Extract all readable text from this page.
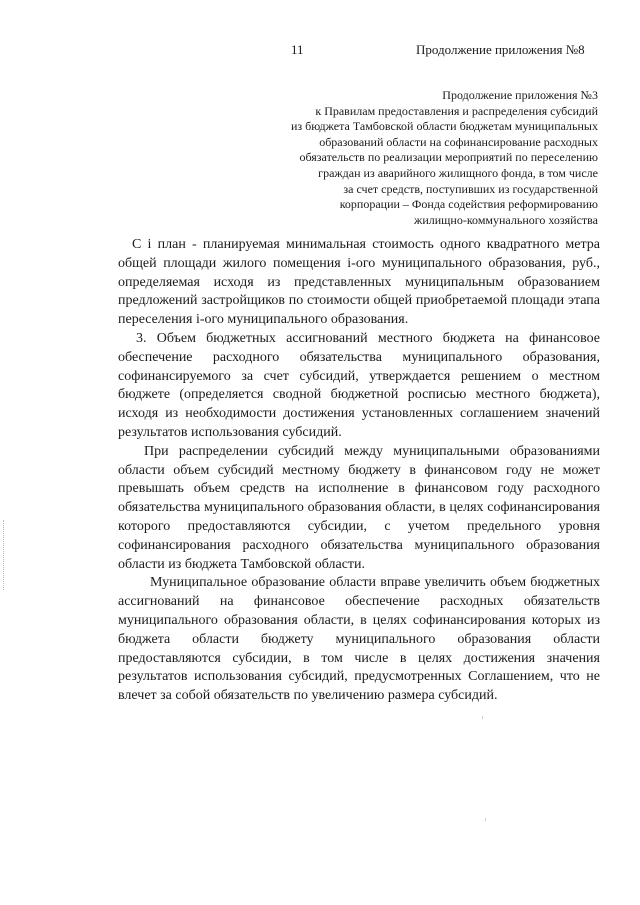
11	Продолжение приложения №8
Продолжение приложения №3
к Правилам предоставления и распределения субсидий
из бюджета Тамбовской области бюджетам муниципальных
образований области на софинансирование расходных
обязательств по реализации мероприятий по переселению
граждан из аварийного жилищного фонда, в том числе
за счет средств, поступивших из государственной
корпорации – Фонда содействия реформированию
жилищно-коммунального хозяйства

C i план - планируемая минимальная стоимость одного квадратного метра общей площади жилого помещения i-ого муниципального образования, руб., определяемая исходя из представленных муниципальным образованием предложений застройщиков по стоимости общей приобретаемой площади этапа переселения i-ого муниципального образования.

3. Объем бюджетных ассигнований местного бюджета на финансовое обеспечение расходного обязательства муниципального образования, софинансируемого за счет субсидий, утверждается решением о местном бюджете (определяется сводной бюджетной росписью местного бюджета), исходя из необходимости достижения установленных соглашением значений результатов использования субсидий.

При распределении субсидий между муниципальными образованиями области объем субсидий местному бюджету в финансовом году не может превышать объем средств на исполнение в финансовом году расходного обязательства муниципального образования области, в целях софинансирования которого предоставляются субсидии, с учетом предельного уровня софинансирования расходного обязательства муниципального образования области из бюджета Тамбовской области.

Муниципальное образование области вправе увеличить объем бюджетных ассигнований на финансовое обеспечение расходных обязательств муниципального образования области, в целях софинансирования которых из бюджета области бюджету муниципального образования области предоставляются субсидии, в том числе в целях достижения значения результатов использования субсидий, предусмотренных Соглашением, что не влечет за собой обязательств по увеличению размера субсидий.
